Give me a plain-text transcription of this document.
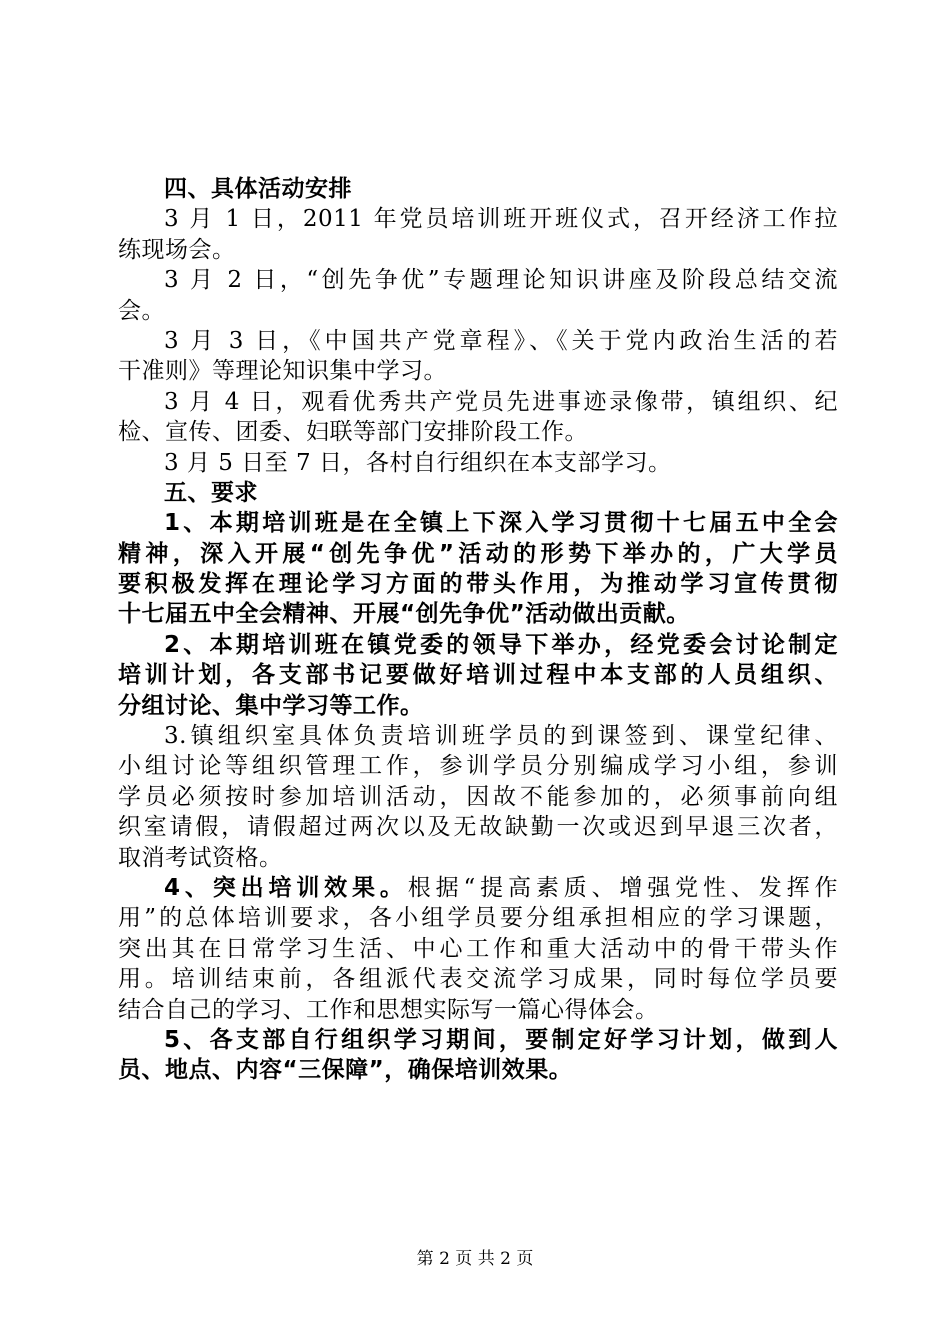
四、具体活动安排
3 月 1 日，2011 年党员培训班开班仪式，召开经济工作拉
练现场会。
3 月 2 日，“创先争优”专题理论知识讲座及阶段总结交流
会。
3 月 3 日，《中国共产党章程》、《关于党内政治生活的若
干准则》等理论知识集中学习。
3 月 4 日，观看优秀共产党员先进事迹录像带，镇组织、纪
检、宣传、团委、妇联等部门安排阶段工作。
3 月 5 日至 7 日，各村自行组织在本支部学习。
五、要求
1、本期培训班是在全镇上下深入学习贯彻十七届五中全会
精神，深入开展“创先争优”活动的形势下举办的，广大学员
要积极发挥在理论学习方面的带头作用，为推动学习宣传贯彻
十七届五中全会精神、开展“创先争优”活动做出贡献。
2、本期培训班在镇党委的领导下举办，经党委会讨论制定
培训计划，各支部书记要做好培训过程中本支部的人员组织、
分组讨论、集中学习等工作。
3.镇组织室具体负责培训班学员的到课签到、课堂纪律、
小组讨论等组织管理工作，参训学员分别编成学习小组，参训
学员必须按时参加培训活动，因故不能参加的，必须事前向组
织室请假，请假超过两次以及无故缺勤一次或迟到早退三次者，
取消考试资格。
4、突出培训效果。根据“提高素质、增强党性、发挥作
用”的总体培训要求，各小组学员要分组承担相应的学习课题，
突出其在日常学习生活、中心工作和重大活动中的骨干带头作
用。培训结束前，各组派代表交流学习成果，同时每位学员要
结合自己的学习、工作和思想实际写一篇心得体会。
5、各支部自行组织学习期间，要制定好学习计划，做到人
员、地点、内容“三保障”，确保培训效果。
第 2 页 共 2 页
